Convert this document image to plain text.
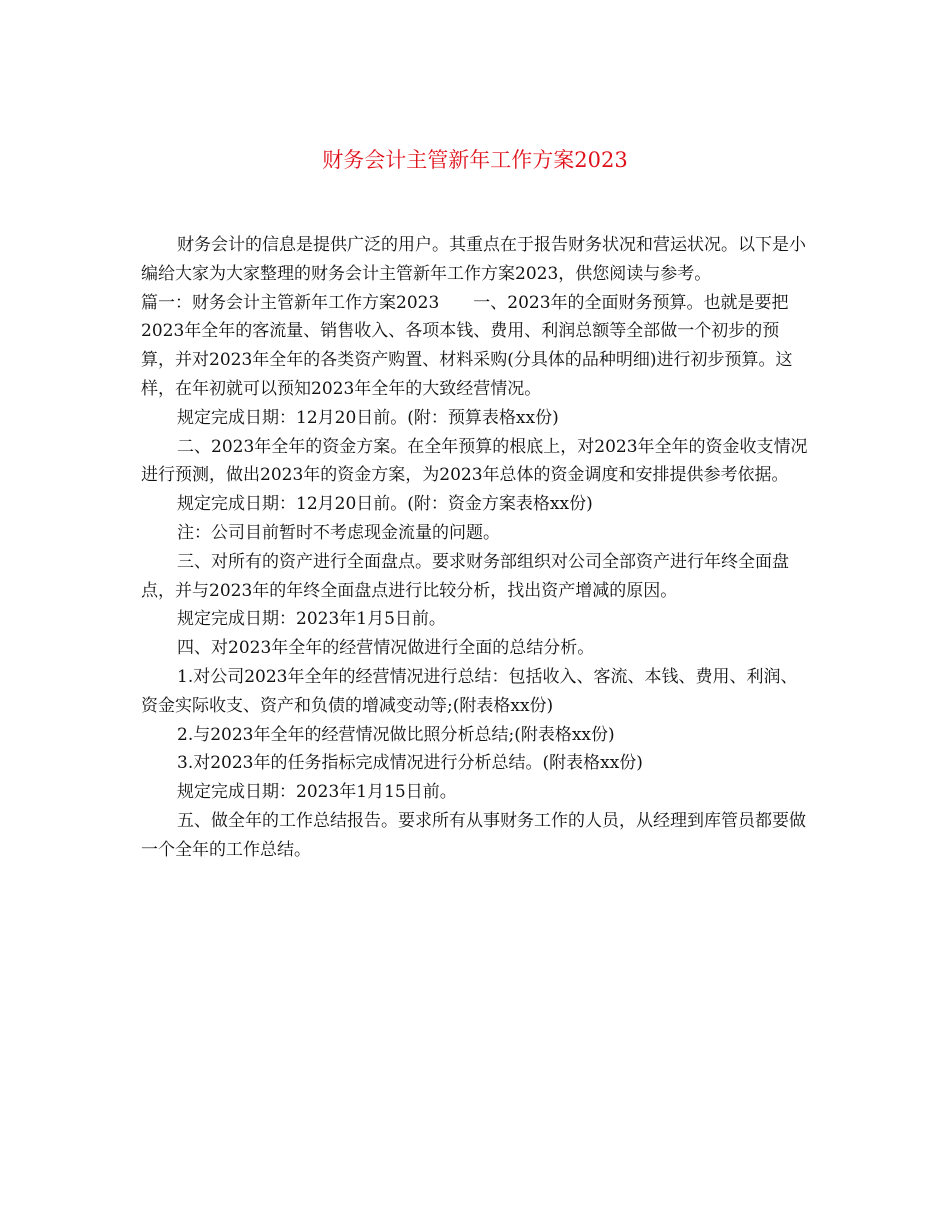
财务会计主管新年工作方案2023

财务会计的信息是提供广泛的用户。其重点在于报告财务状况和营运状况。以下是小编给大家为大家整理的财务会计主管新年工作方案2023，供您阅读与参考。

篇一：财务会计主管新年工作方案2023　　一、2023年的全面财务预算。也就是要把2023年全年的客流量、销售收入、各项本钱、费用、利润总额等全部做一个初步的预算，并对2023年全年的各类资产购置、材料采购(分具体的品种明细)进行初步预算。这样，在年初就可以预知2023年全年的大致经营情况。

规定完成日期：12月20日前。(附：预算表格xx份)

二、2023年全年的资金方案。在全年预算的根底上，对2023年全年的资金收支情况进行预测，做出2023年的资金方案，为2023年总体的资金调度和安排提供参考依据。

规定完成日期：12月20日前。(附：资金方案表格xx份)

注：公司目前暂时不考虑现金流量的问题。

三、对所有的资产进行全面盘点。要求财务部组织对公司全部资产进行年终全面盘点，并与2023年的年终全面盘点进行比较分析，找出资产增减的原因。

规定完成日期：2023年1月5日前。

四、对2023年全年的经营情况做进行全面的总结分析。

1.对公司2023年全年的经营情况进行总结：包括收入、客流、本钱、费用、利润、资金实际收支、资产和负债的增减变动等;(附表格xx份)

2.与2023年全年的经营情况做比照分析总结;(附表格xx份)

3.对2023年的任务指标完成情况进行分析总结。(附表格xx份)

规定完成日期：2023年1月15日前。

五、做全年的工作总结报告。要求所有从事财务工作的人员，从经理到库管员都要做一个全年的工作总结。
